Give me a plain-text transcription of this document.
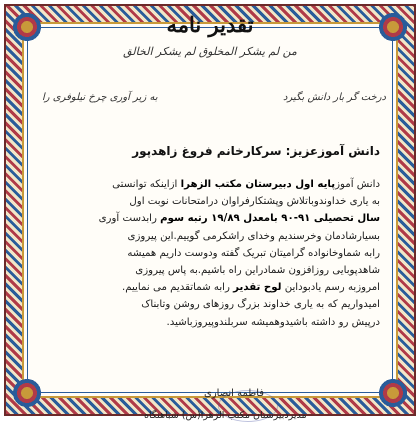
تقدیر نامه
من لم یشکر المخلوق لم یشکر الخالق
درخت گر بار دانش بگیرد
به زیر آوری چرخ نیلوفری را
دانش آموزعزیز: سرکارخانم فروغ زاهدپور

دانش آموزپایه اول دبیرستان مکتب الزهرا ازاینکه توانستی

به یاری خداوندوباتلاش وپشتکارفراوان درامتحانات نوبت اول

سال تحصیلی ۹۱-۹۰ بامعدل ۱۹/۸۹ رتبه سوم رابدست آوری

بسیارشادمان وخرسندیم وخدای راشکرمی گوییم.این پیروزی

رابه شماوخانواده گرامیتان تبریک گفته ودوست داریم همیشه

شاهدپوبایی روزافزون شمادراین راه باشیم.به پاس پیروزی

امروزبه رسم یادبوداین لوح تقدیر رابه شماتقدیم می نماییم.

امیدواریم که به یاری خداوند بزرگ روزهای روشن وتابناک

درپیش رو داشته باشیدوهمیشه سربلندوپیروزباشید.

فاطمه انصاری
مدیردبیرستان مکتب الزهرا(س) شباهنگاه
